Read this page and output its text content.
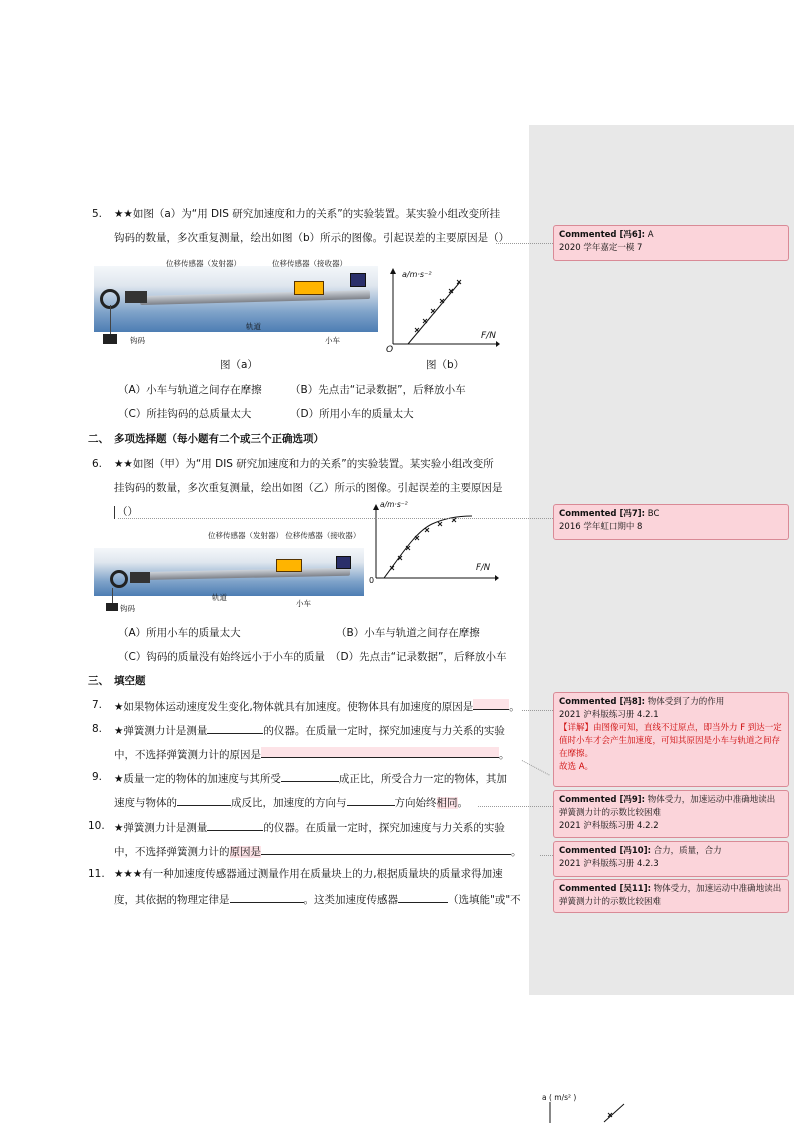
5. ★★如图（a）为“用 DIS 研究加速度和力的关系”的实验装置。某实验小组改变所挂
钩码的数量，多次重复测量，绘出如图（b）所示的图像。引起误差的主要原因是（）
位移传感器（发射器）	位移传感器（接收器）
轨道
小车
钩码
图（a）
a/m·s⁻²
F/N
O
图（b）
（A）小车与轨道之间存在摩擦	（B）先点击“记录数据”，后释放小车
（C）所挂钩码的总质量太大	（D）所用小车的质量太大
二、 多项选择题（每小题有二个或三个正确选项）
6. ★★如图（甲）为“用 DIS 研究加速度和力的关系”的实验装置。某实验小组改变所
挂钩码的数量，多次重复测量，绘出如图（乙）所示的图像。引起误差的主要原因是
（）
位移传感器（发射器） 位移传感器（接收器）
轨道
小车
钩码
a/m·s⁻²
F/N
0
（A）所用小车的质量太大	（B）小车与轨道之间存在摩擦
（C）钩码的质量没有始终远小于小车的质量 （D）先点击“记录数据”，后释放小车
三、 填空题
7. ★如果物体运动速度发生变化,物体就具有加速度。使物体具有加速度的原因是	。
8. ★弹簧测力计是测量	的仪器。在质量一定时，探究加速度与力关系的实验
中，不选择弹簧测力计的原因是	。
9. ★质量一定的物体的加速度与其所受	成正比，所受合力一定的物体，其加
速度与物体的	成反比，加速度的方向与	方向始终相同。
10. ★弹簧测力计是测量	的仪器。在质量一定时，探究加速度与力关系的实验
中，不选择弹簧测力计的原因是	。
11. ★★★有一种加速度传感器通过测量作用在质量块上的力,根据质量块的质量求得加速
度，其依据的物理定律是	。这类加速度传感器	（选填能"或"不
Commented [冯6]: A
2020 学年嘉定一模 7
Commented [冯7]: BC
2016 学年虹口期中 8
Commented [冯8]: 物体受到了力的作用
2021 沪科版练习册 4.2.1
【详解】由图像可知，直线不过原点，即当外力 F 到达一定值时小车才会产生加速度，可知其原因是小车与轨道之间存在摩擦。
故选 A。
Commented [冯9]: 物体受力，加速运动中准确地读出弹簧测力计的示数比较困难
2021 沪科版练习册 4.2.2
Commented [冯10]: 合力，质量，合力
2021 沪科版练习册 4.2.3
Commented [吴11]: 物体受力，加速运动中准确地读出弹簧测力计的示数比较困难
a ( m/s² )
